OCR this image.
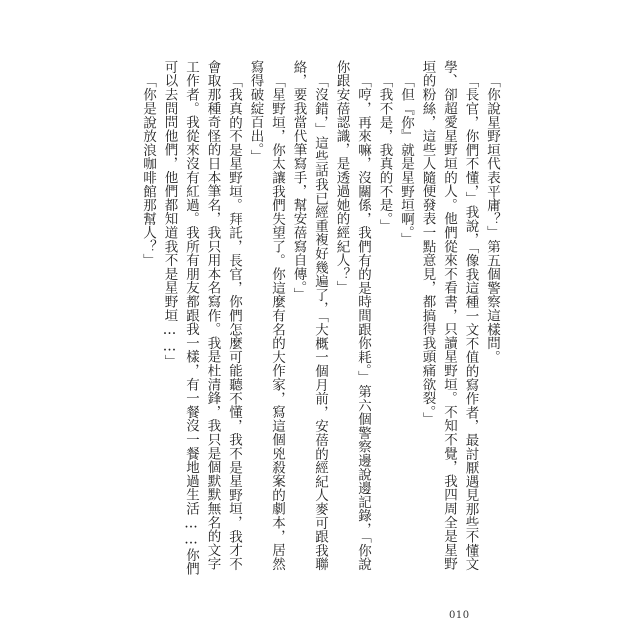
「你說星野垣代表平庸？」第五個警察這樣問。

「長官，你們不懂，」我說，「像我這種一文不值的寫作者，最討厭遇見那些不懂文學、卻超愛星野垣的人。他們從來不看書，只讀星野垣。不知不覺，我四周全是星野垣的粉絲，這些人隨便發表一點意見，都搞得我頭痛欲裂。」

「但『你』就是星野垣啊。」

「我不是，我真的不是。」

「哼，再來嘛，沒關係，我們有的是時間跟你耗。」第六個警察邊說邊記錄，「你說你跟安蓓認識，是透過她的經紀人？」

「沒錯，」這些話我已經重複好幾遍了，「大概一個月前，安蓓的經紀人麥可跟我聯絡，要我當代筆寫手，幫安蓓寫自傳。」

「星野垣，你太讓我們失望了。你這麼有名的大作家，寫這個兇殺案的劇本，居然寫得破綻百出。」

「我真的不是星野垣。拜託，長官，你們怎麼可能聽不懂，我不是星野垣，我才不會取那種奇怪的日本筆名，我只用本名寫作。我是杜清鋒，我只是個默默無名的文字工作者。我從來沒有紅過。我所有朋友都跟我一樣，有一餐沒一餐地過生活……你們可以去問問他們，他們都知道我不是星野垣……」

「你是說放浪咖啡館那幫人？」

010
